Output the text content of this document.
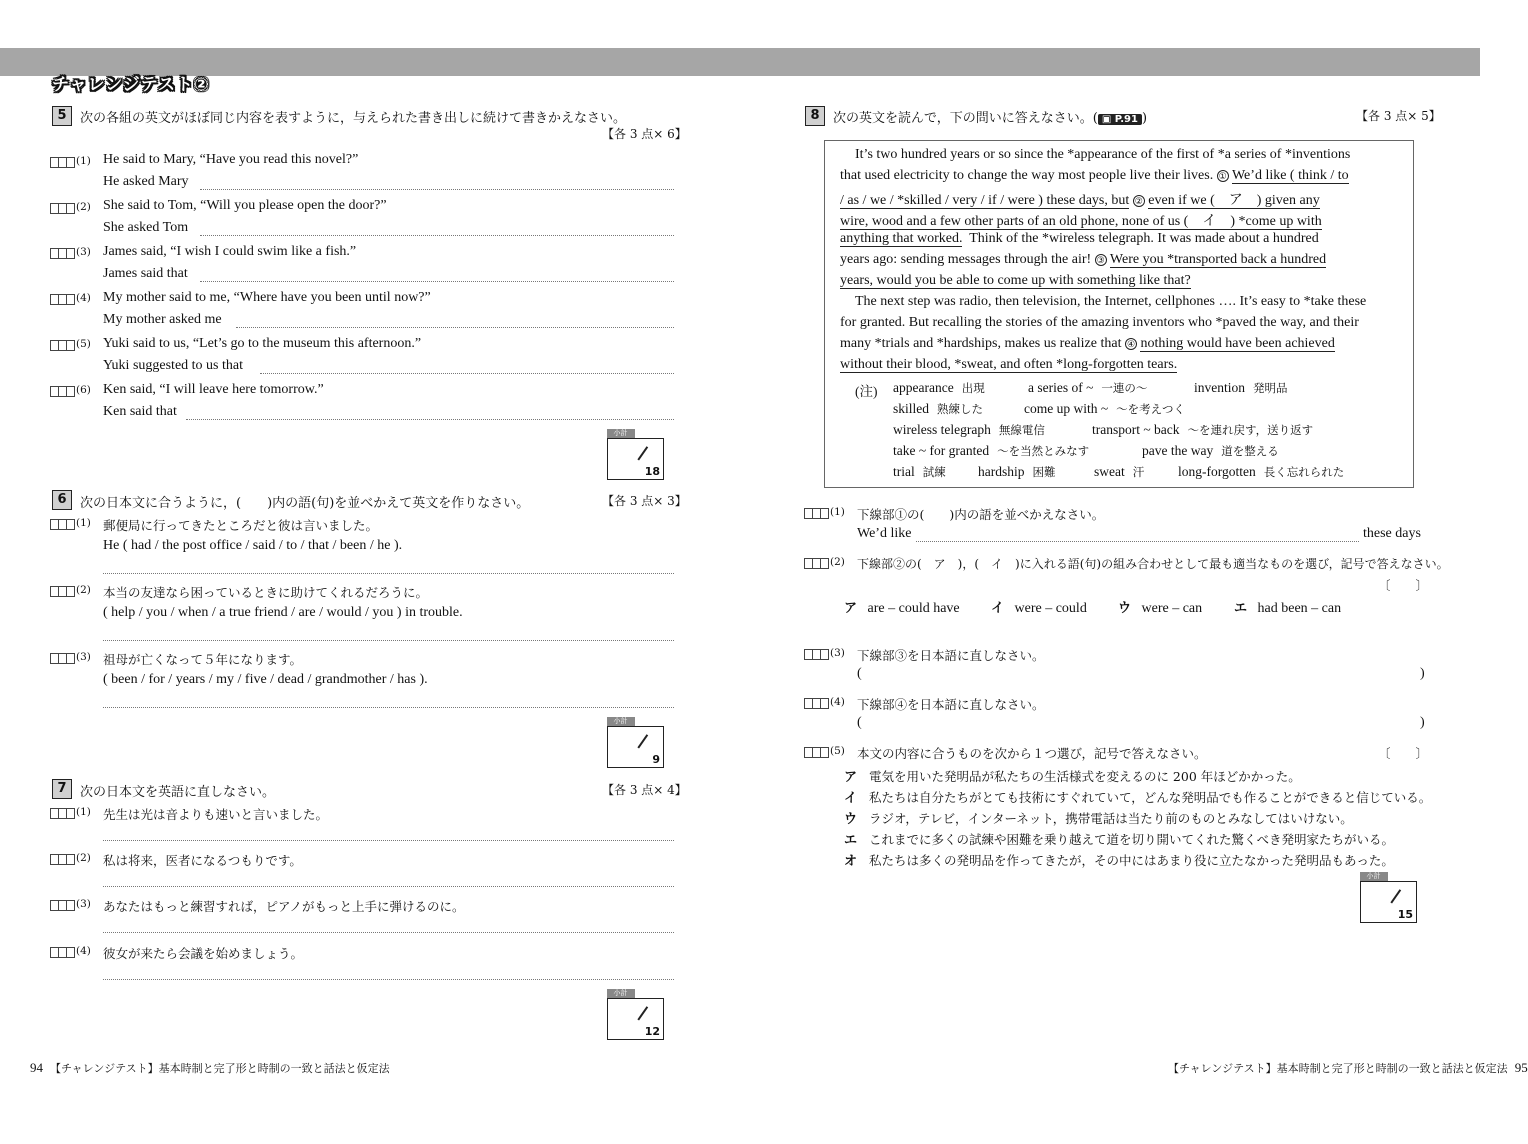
チャレンジテスト②
5	次の各組の英文がほぼ同じ内容を表すように，与えられた書き出しに続けて書きかえなさい。
【各 3 点× 6】
(1) He said to Mary, “Have you read this novel?”
He asked Mary
(2) She said to Tom, “Will you please open the door?”
She asked Tom
(3) James said, “I wish I could swim like a fish.”
James said that
(4) My mother said to me, “Where have you been until now?”
My mother asked me
(5) Yuki said to us, “Let’s go to the museum this afternoon.”
Yuki suggested to us that
(6) Ken said, “I will leave here tomorrow.”
Ken said that
小計
18
6	次の日本文に合うように，(　　)内の語(句)を並べかえて英文を作りなさい。	【各 3 点× 3】
(1) 郵便局に行ってきたところだと彼は言いました。
He ( had / the post office / said / to / that / been / he ).
(2) 本当の友達なら困っているときに助けてくれるだろうに。
( help / you / when / a true friend / are / would / you ) in trouble.
(3) 祖母が亡くなって５年になります。
( been / for / years / my / five / dead / grandmother / has ).
小計
9
7	次の日本文を英語に直しなさい。	【各 3 点× 4】
(1) 先生は光は音よりも速いと言いました。
(2) 私は将来，医者になるつもりです。
(3) あなたはもっと練習すれば，ピアノがもっと上手に弾けるのに。
(4) 彼女が来たら会議を始めましょう。
小計
12
8	次の英文を読んで，下の問いに答えなさい。( ▣ P.91 )	【各 3 点× 5】
It’s two hundred years or so since the *appearance of the first of *a series of *inventions
that used electricity to change the way most people live their lives. ① We’d like ( think / to
/ as / we / *skilled / very / if / were ) these days, but ② even if we (　ア　) given any
wire, wood and a few other parts of an old phone, none of us (　イ　) *come up with
anything that worked. Think of the *wireless telegraph. It was made about a hundred
years ago: sending messages through the air! ③ Were you *transported back a hundred
years, would you be able to come up with something like that?
The next step was radio, then television, the Internet, cellphones …. It’s easy to *take these
for granted. But recalling the stories of the amazing inventors who *paved the way, and their
many *trials and *hardships, makes us realize that ④ nothing would have been achieved
without their blood, *sweat, and often *long-forgotten tears.
(注) appearance 出現	a series of ~ 一連の～	invention 発明品
skilled 熟練した	come up with ~ ～を考えつく
wireless telegraph 無線電信	transport ~ back ～を連れ戻す，送り返す
take ~ for granted ～を当然とみなす	pave the way 道を整える
trial 試練 hardship 困難	sweat 汗	long-forgotten 長く忘れられた
(1) 下線部①の(　　)内の語を並べかえなさい。
We’d like	these days
(2) 下線部②の(　ア　)，(　イ　)に入れる語(句)の組み合わせとして最も適当なものを選び，記号で答えなさい。
〔　　〕
ア are – could have イ were – could ウ were – can エ had been – can
(3) 下線部③を日本語に直しなさい。
(	)
(4) 下線部④を日本語に直しなさい。
(	)
(5) 本文の内容に合うものを次から１つ選び，記号で答えなさい。	〔　　〕
ア 電気を用いた発明品が私たちの生活様式を変えるのに 200 年ほどかかった。
イ 私たちは自分たちがとても技術にすぐれていて，どんな発明品でも作ることができると信じている。
ウ ラジオ，テレビ，インターネット，携帯電話は当たり前のものとみなしてはいけない。
エ これまでに多くの試練や困難を乗り越えて道を切り開いてくれた驚くべき発明家たちがいる。
オ 私たちは多くの発明品を作ってきたが，その中にはあまり役に立たなかった発明品もあった。
小計
15
94 【チャレンジテスト】基本時制と完了形と時制の一致と話法と仮定法	【チャレンジテスト】基本時制と完了形と時制の一致と話法と仮定法 95
